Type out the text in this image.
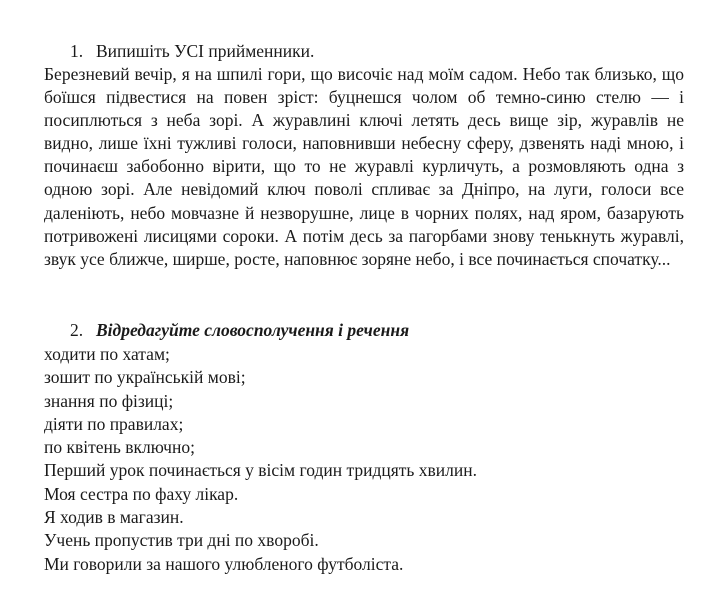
1. Випишіть УСІ прийменники.
Березневий вечір, я на шпилі гори, що височіє над моїм садом. Небо так близько, що боїшся підвестися на повен зріст: буцнешся чолом об темно-синю стелю — і посиплються з неба зорі. А журавлині ключі летять десь вище зір, журавлів не видно, лише їхні тужливі голоси, наповнивши небесну сферу, дзвенять наді мною, і починаєш забобонно вірити, що то не журавлі курличуть, а розмовляють одна з одною зорі. Але невідомий ключ поволі спливає за Дніпро, на луги, голоси все даленіють, небо мовчазне й незворушне, лице в чорних полях, над яром, базарують потривожені лисицями сороки. А потім десь за пагорбами знову тенькнуть журавлі, звук усе ближче, ширше, росте, наповнює зоряне небо, і все починається спочатку...
2. Відредагуйте словосполучення і речення
ходити по хатам;
зошит по українській мові;
знання по фізиці;
діяти по правилах;
по квітень включно;
Перший урок починається у вісім годин тридцять хвилин.
Моя сестра по фаху лікар.
Я ходив в магазин.
Учень пропустив три дні по хворобі.
Ми говорили за нашого улюбленого футболіста.
